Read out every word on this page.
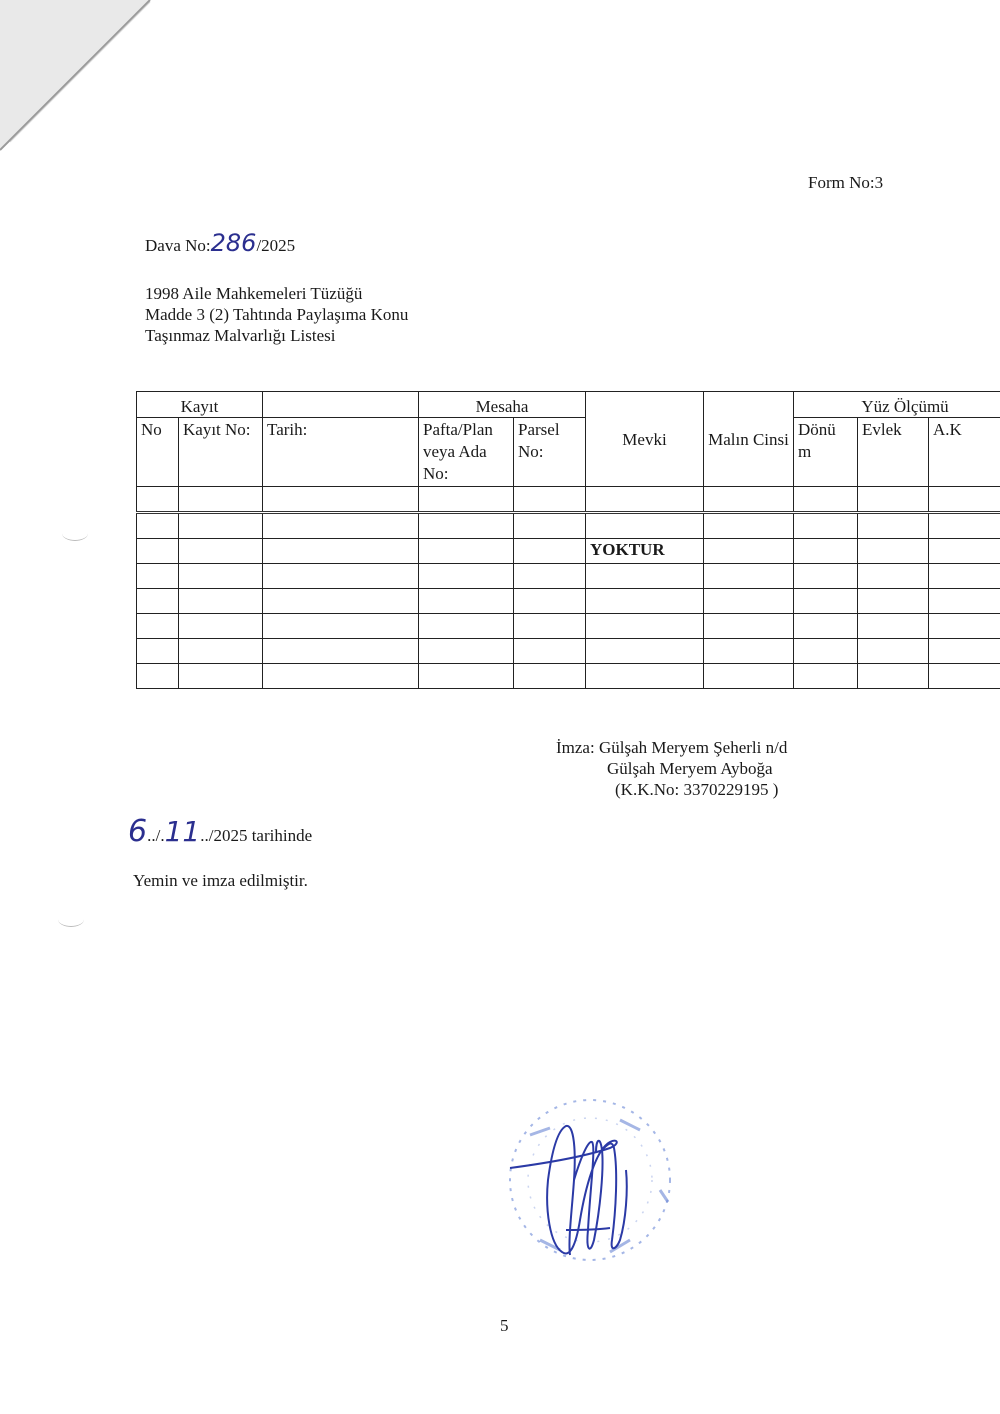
Form No:3
Dava No:286/2025
1998 Aile Mahkemeleri Tüzüğü
Madde 3 (2) Tahtında Paylaşıma Konu
Taşınmaz Malvarlığı Listesi
Kayıt			Mesaha		Mevki	Malın Cinsi	Yüz Ölçümü		
No	Kayıt No:	Tarih:	Pafta/Plan veya Ada No:	Parsel No:			Dönü m	Evlek	A.K

					YOKTUR				

İmza: Gülşah Meryem Şeherli n/d
Gülşah Meryem Ayboğa
(K.K.No: 3370229195 )
6../.11../2025 tarihinde
Yemin ve imza edilmiştir.
5
